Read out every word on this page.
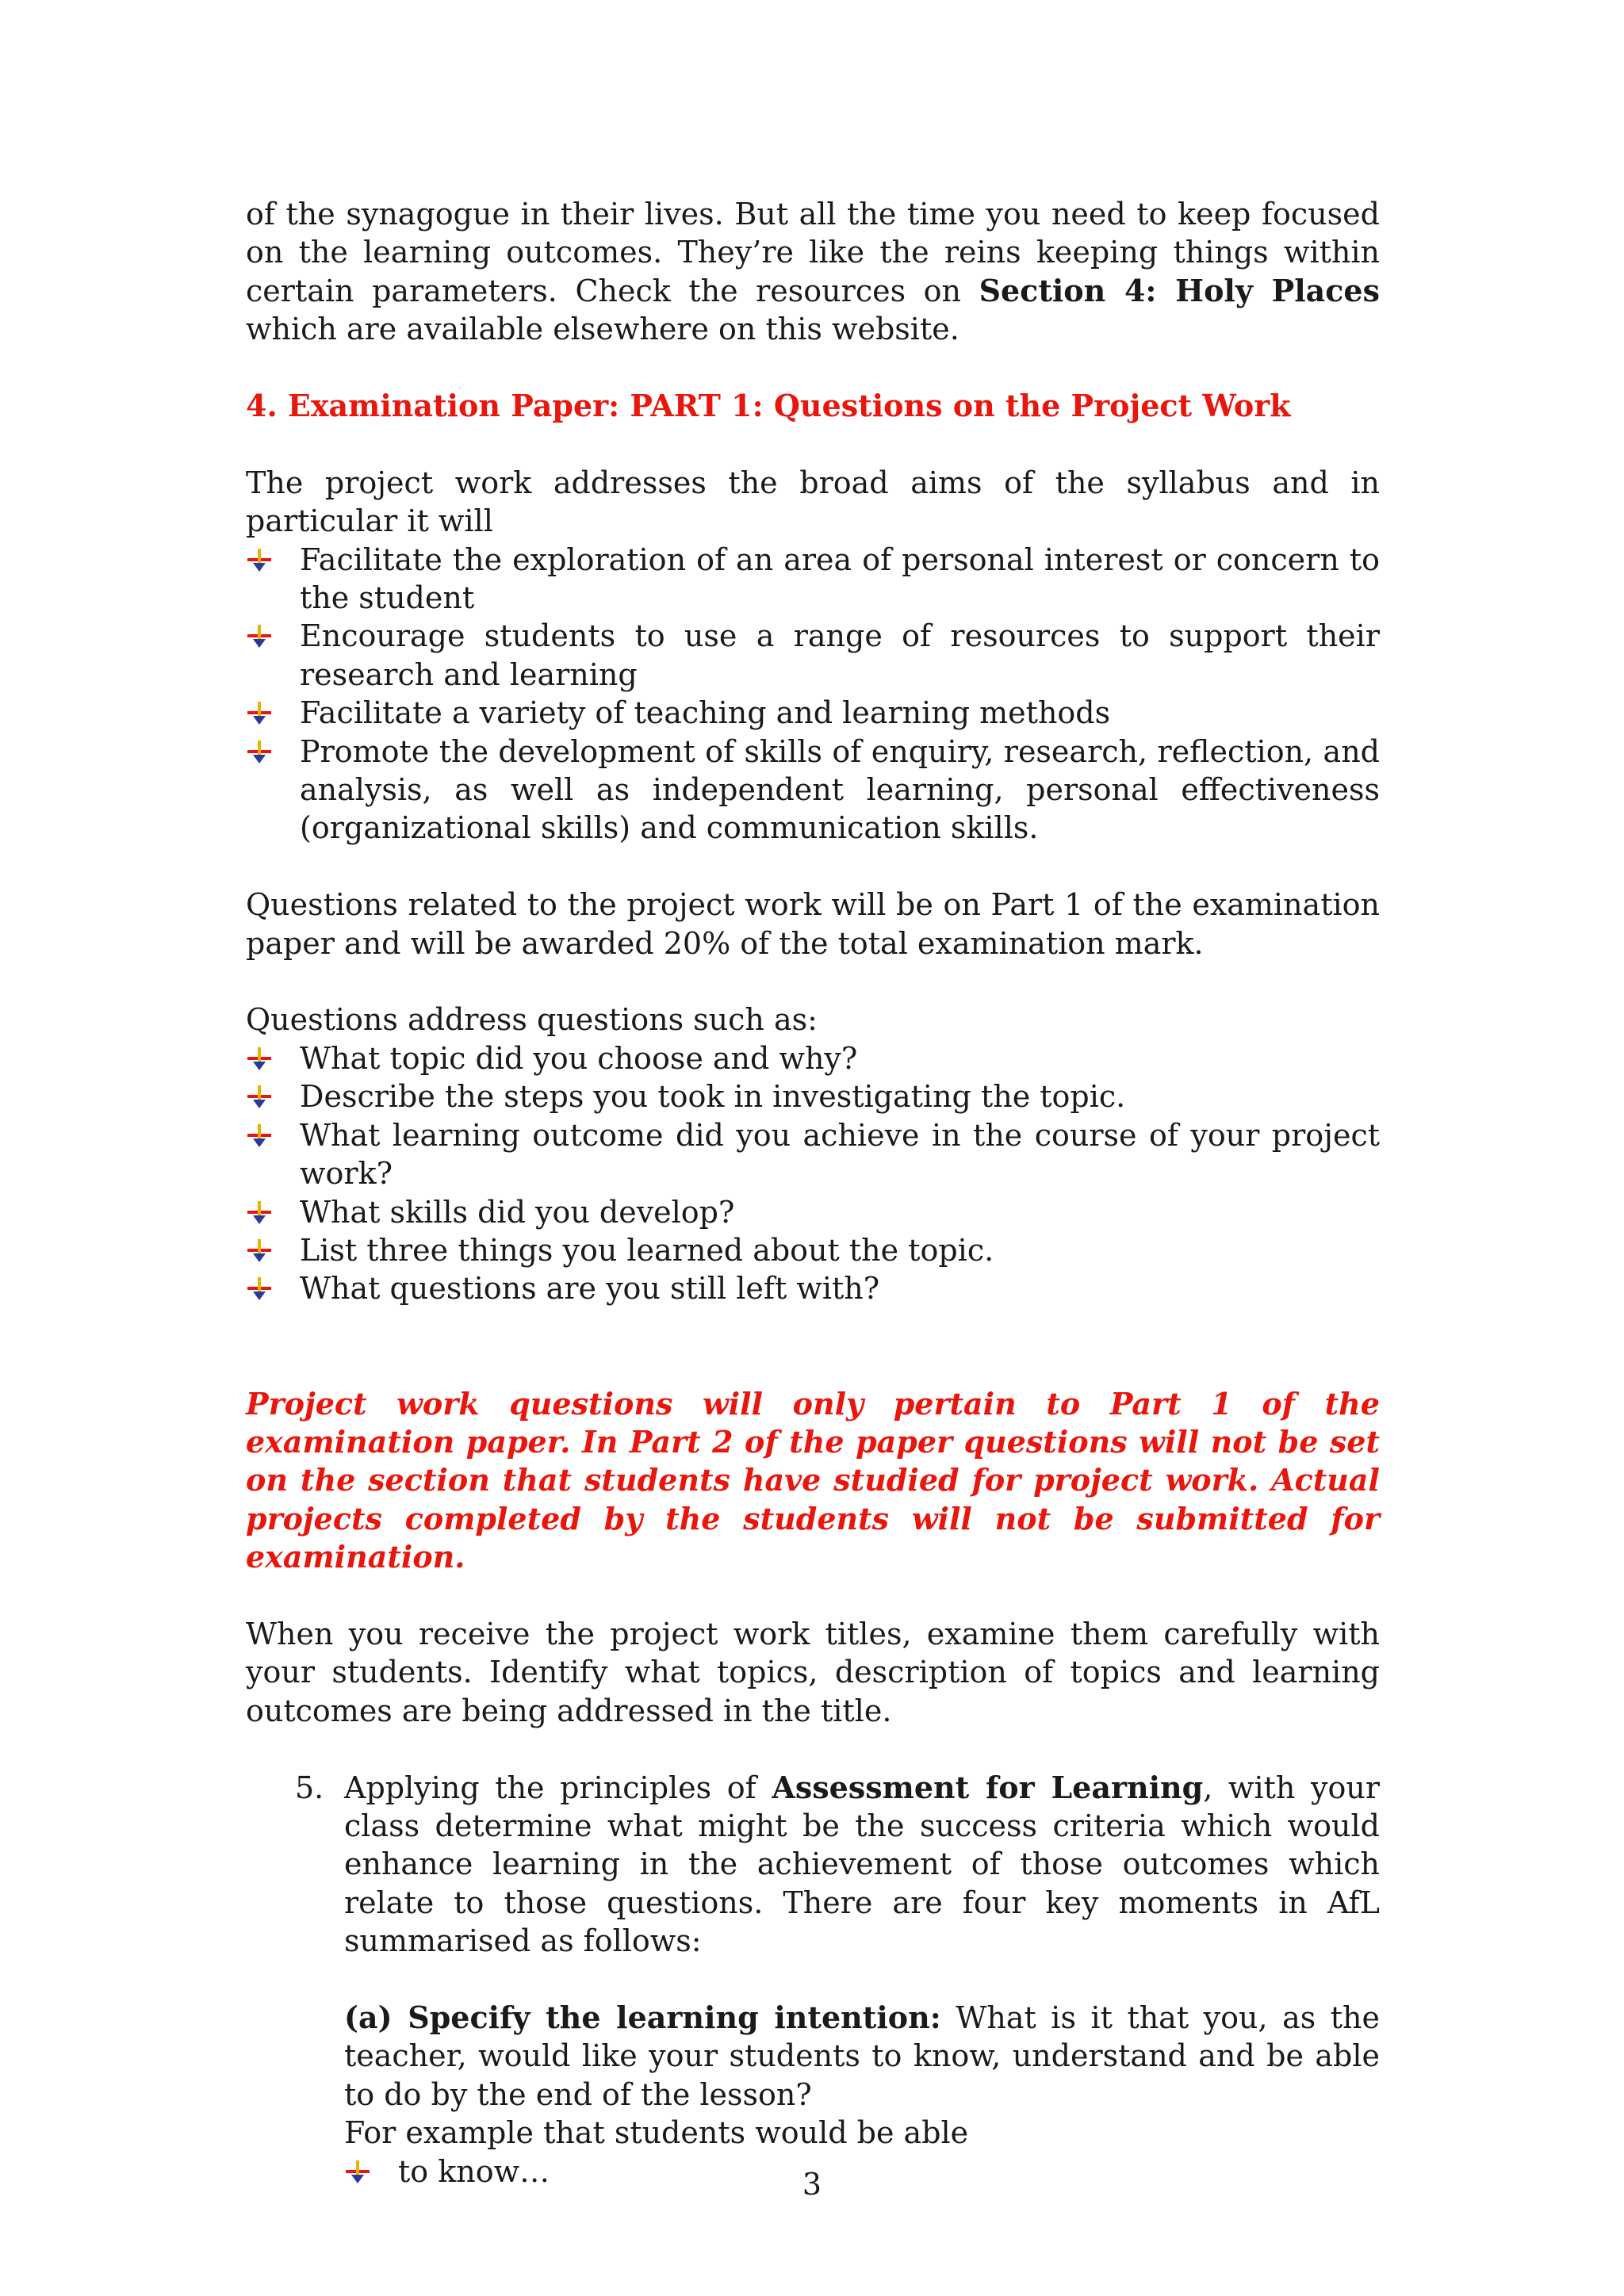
of the synagogue in their lives. But all the time you need to keep focused on the learning outcomes. They’re like the reins keeping things within certain parameters. Check the resources on Section 4: Holy Places which are available elsewhere on this website.

4. Examination Paper: PART 1: Questions on the Project Work

The project work addresses the broad aims of the syllabus and in particular it will

Facilitate the exploration of an area of personal interest or concern to the student
Encourage students to use a range of resources to support their research and learning
Facilitate a variety of teaching and learning methods
Promote the development of skills of enquiry, research, reflection, and analysis, as well as independent learning, personal effectiveness (organizational skills) and communication skills.

Questions related to the project work will be on Part 1 of the examination paper and will be awarded 20% of the total examination mark.

Questions address questions such as:

What topic did you choose and why?
Describe the steps you took in investigating the topic.
What learning outcome did you achieve in the course of your project work?
What skills did you develop?
List three things you learned about the topic.
What questions are you still left with?

Project work questions will only pertain to Part 1 of the examination paper. In Part 2 of the paper questions will not be set on the section that students have studied for project work. Actual projects completed by the students will not be submitted for examination.

When you receive the project work titles, examine them carefully with your students. Identify what topics, description of topics and learning outcomes are being addressed in the title.

5. Applying the principles of Assessment for Learning, with your class determine what might be the success criteria which would enhance learning in the achievement of those outcomes which relate to those questions. There are four key moments in AfL summarised as follows:

(a) Specify the learning intention: What is it that you, as the teacher, would like your students to know, understand and be able to do by the end of the lesson?

For example that students would be able

to know…	3
